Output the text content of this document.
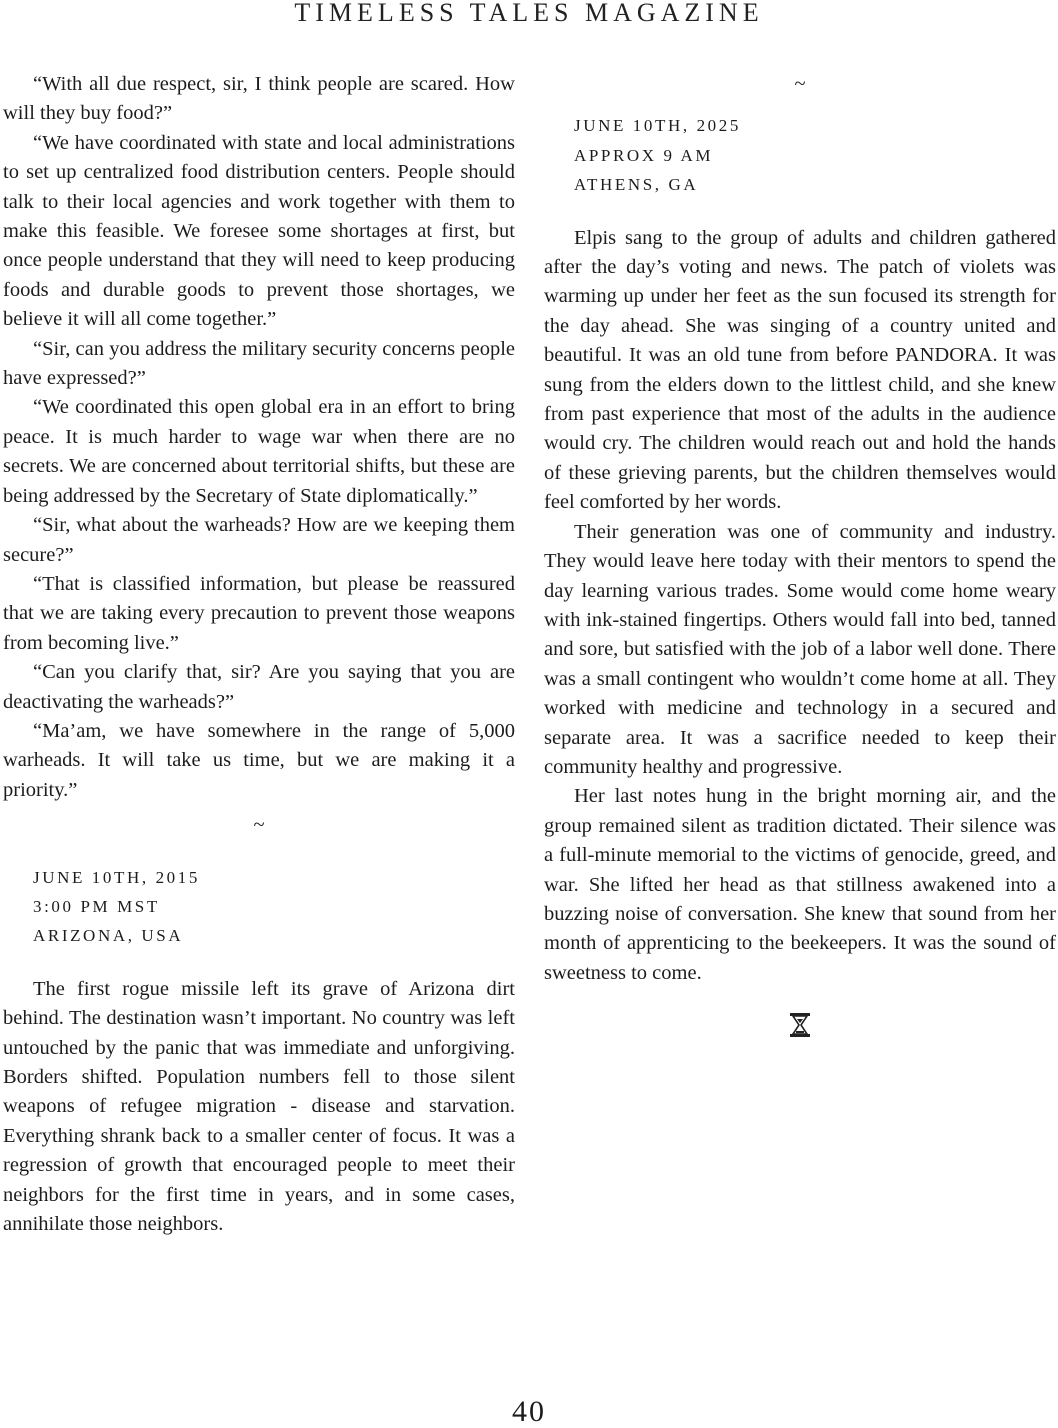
TIMELESS TALES MAGAZINE

“With all due respect, sir, I think people are scared. How will they buy food?”

“We have coordinated with state and local administrations to set up centralized food distribution centers. People should talk to their local agencies and work together with them to make this feasible. We foresee some shortages at first, but once people understand that they will need to keep producing foods and durable goods to prevent those shortages, we believe it will all come together.”

“Sir, can you address the military security concerns people have expressed?”

“We coordinated this open global era in an effort to bring peace. It is much harder to wage war when there are no secrets. We are concerned about territorial shifts, but these are being addressed by the Secretary of State diplomatically.”

“Sir, what about the warheads? How are we keeping them secure?”

“That is classified information, but please be reassured that we are taking every precaution to prevent those weapons from becoming live.”

“Can you clarify that, sir? Are you saying that you are deactivating the warheads?”

“Ma’am, we have somewhere in the range of 5,000 warheads. It will take us time, but we are making it a priority.”

~
JUNE 10TH, 2015
3:00 PM MST
ARIZONA, USA

The first rogue missile left its grave of Arizona dirt behind. The destination wasn’t important. No country was left untouched by the panic that was immediate and unforgiving. Borders shifted. Population numbers fell to those silent weapons of refugee migration - disease and starvation. Everything shrank back to a smaller center of focus. It was a regression of growth that encouraged people to meet their neighbors for the first time in years, and in some cases, annihilate those neighbors.

~
JUNE 10TH, 2025
APPROX 9 AM
ATHENS, GA

Elpis sang to the group of adults and children gathered after the day’s voting and news. The patch of violets was warming up under her feet as the sun focused its strength for the day ahead. She was singing of a country united and beautiful. It was an old tune from before PANDORA. It was sung from the elders down to the littlest child, and she knew from past experience that most of the adults in the audience would cry. The children would reach out and hold the hands of these grieving parents, but the children themselves would feel comforted by her words.

Their generation was one of community and industry. They would leave here today with their mentors to spend the day learning various trades. Some would come home weary with ink-stained fingertips. Others would fall into bed, tanned and sore, but satisfied with the job of a labor well done. There was a small contingent who wouldn’t come home at all. They worked with medicine and technology in a secured and separate area. It was a sacrifice needed to keep their community healthy and progressive.

Her last notes hung in the bright morning air, and the group remained silent as tradition dictated. Their silence was a full-minute memorial to the victims of genocide, greed, and war. She lifted her head as that stillness awakened into a buzzing noise of conversation. She knew that sound from her month of apprenticing to the beekeepers. It was the sound of sweetness to come.

40
